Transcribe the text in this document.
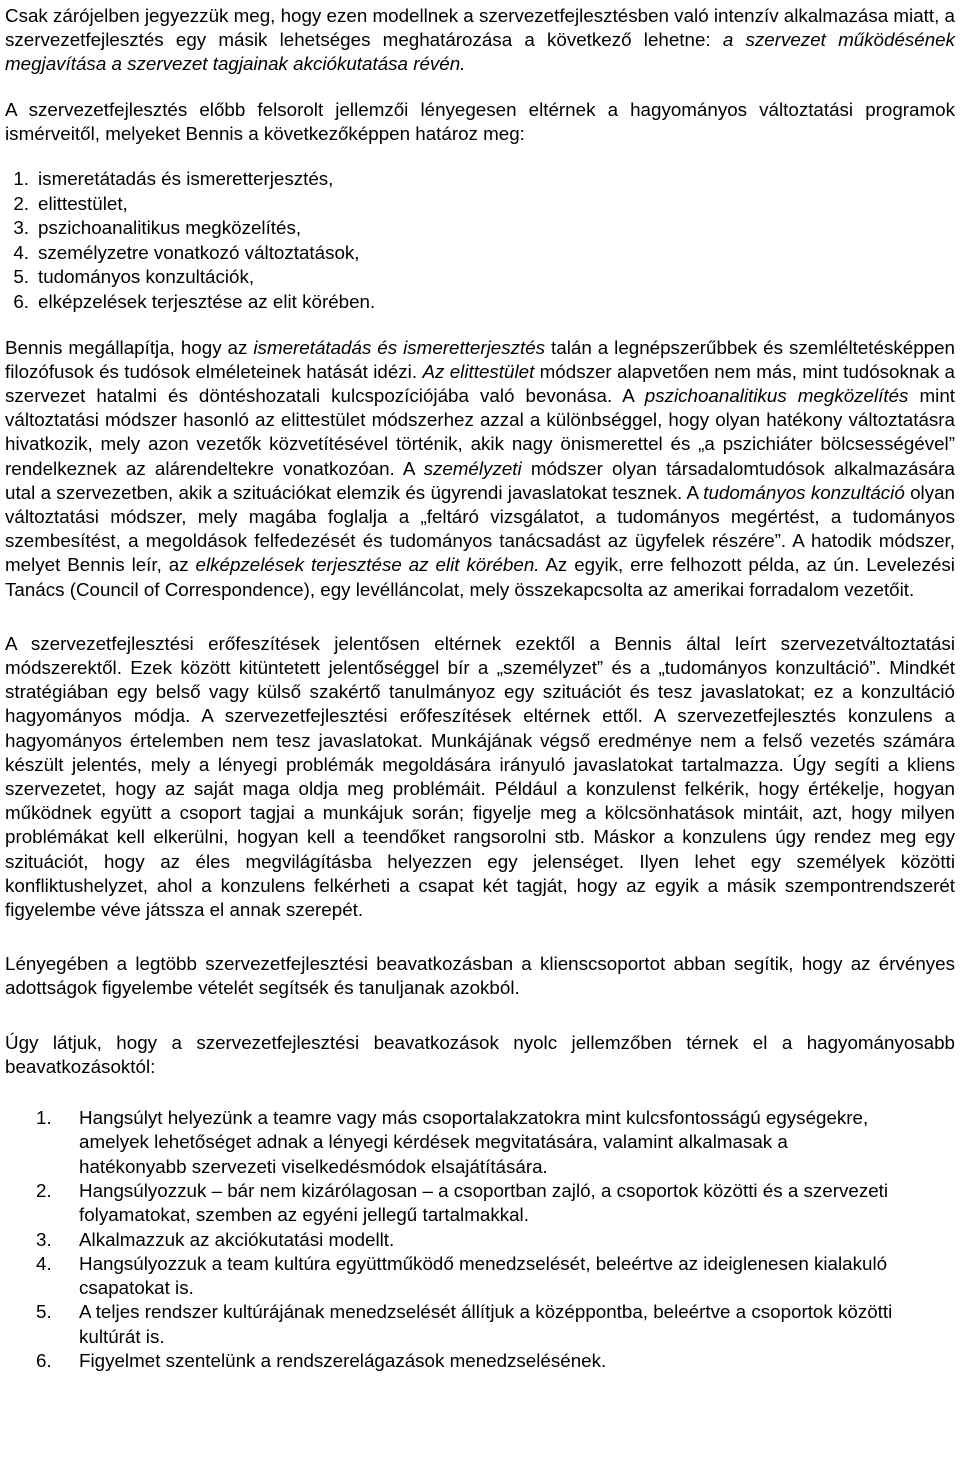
Csak zárójelben jegyezzük meg, hogy ezen modellnek a szervezetfejlesztésben való intenzív alkalmazása miatt, a szervezetfejlesztés egy másik lehetséges meghatározása a következő lehetne: a szervezet működésének megjavítása a szervezet tagjainak akciókutatása révén.

A szervezetfejlesztés előbb felsorolt jellemzői lényegesen eltérnek a hagyományos változtatási programok ismérveitől, melyeket Bennis a következőképpen határoz meg:

1. ismeretátadás és ismeretterjesztés,
2. elittestület,
3. pszichoanalitikus megközelítés,
4. személyzetre vonatkozó változtatások,
5. tudományos konzultációk,
6. elképzelések terjesztése az elit körében.

Bennis megállapítja, hogy az ismeretátadás és ismeretterjesztés talán a legnépszerűbbek és szemléltetésképpen filozófusok és tudósok elméleteinek hatását idézi. Az elittestület módszer alapvetően nem más, mint tudósoknak a szervezet hatalmi és döntéshozatali kulcspozíciójába való bevonása. A pszichoanalitikus megközelítés mint változtatási módszer hasonló az elittestület módszerhez azzal a különbséggel, hogy olyan hatékony változtatásra hivatkozik, mely azon vezetők közvetítésével történik, akik nagy önismerettel és „a pszichiáter bölcsességével” rendelkeznek az alárendeltekre vonatkozóan. A személyzeti módszer olyan társadalomtudósok alkalmazására utal a szervezetben, akik a szituációkat elemzik és ügyrendi javaslatokat tesznek. A tudományos konzultáció olyan változtatási módszer, mely magába foglalja a „feltáró vizsgálatot, a tudományos megértést, a tudományos szembesítést, a megoldások felfedezését és tudományos tanácsadást az ügyfelek részére”. A hatodik módszer, melyet Bennis leír, az elképzelések terjesztése az elit körében. Az egyik, erre felhozott példa, az ún. Levelezési Tanács (Council of Correspondence), egy levélláncolat, mely összekapcsolta az amerikai forradalom vezetőit.

A szervezetfejlesztési erőfeszítések jelentősen eltérnek ezektől a Bennis által leírt szervezetváltoztatási módszerektől. Ezek között kitüntetett jelentőséggel bír a „személyzet” és a „tudományos konzultáció”. Mindkét stratégiában egy belső vagy külső szakértő tanulmányoz egy szituációt és tesz javaslatokat; ez a konzultáció hagyományos módja. A szervezetfejlesztési erőfeszítések eltérnek ettől. A szervezetfejlesztés konzulens a hagyományos értelemben nem tesz javaslatokat. Munkájának végső eredménye nem a felső vezetés számára készült jelentés, mely a lényegi problémák megoldására irányuló javaslatokat tartalmazza. Úgy segíti a kliens szervezetet, hogy az saját maga oldja meg problémáit. Például a konzulenst felkérik, hogy értékelje, hogyan működnek együtt a csoport tagjai a munkájuk során; figyelje meg a kölcsönhatások mintáit, azt, hogy milyen problémákat kell elkerülni, hogyan kell a teendőket rangsorolni stb. Máskor a konzulens úgy rendez meg egy szituációt, hogy az éles megvilágításba helyezzen egy jelenséget. Ilyen lehet egy személyek közötti konfliktushelyzet, ahol a konzulens felkérheti a csapat két tagját, hogy az egyik a másik szempontrendszerét figyelembe véve játssza el annak szerepét.

Lényegében a legtöbb szervezetfejlesztési beavatkozásban a klienscsoportot abban segítik, hogy az érvényes adottságok figyelembe vételét segítsék és tanuljanak azokból.

Úgy látjuk, hogy a szervezetfejlesztési beavatkozások nyolc jellemzőben térnek el a hagyományosabb beavatkozásoktól:

1.	Hangsúlyt helyezünk a teamre vagy más csoportalakzatokra mint kulcsfontosságú egységekre, amelyek lehetőséget adnak a lényegi kérdések megvitatására, valamint alkalmasak a hatékonyabb szervezeti viselkedésmódok elsajátítására.
2.	Hangsúlyozzuk – bár nem kizárólagosan – a csoportban zajló, a csoportok közötti és a szervezeti folyamatokat, szemben az egyéni jellegű tartalmakkal.
3.	Alkalmazzuk az akciókutatási modellt.
4.	Hangsúlyozzuk a team kultúra együttműködő menedzselését, beleértve az ideiglenesen kialakuló csapatokat is.
5.	A teljes rendszer kultúrájának menedzselését állítjuk a középpontba, beleértve a csoportok közötti kultúrát is.
6.	Figyelmet szentelünk a rendszerelágazások menedzselésének.
